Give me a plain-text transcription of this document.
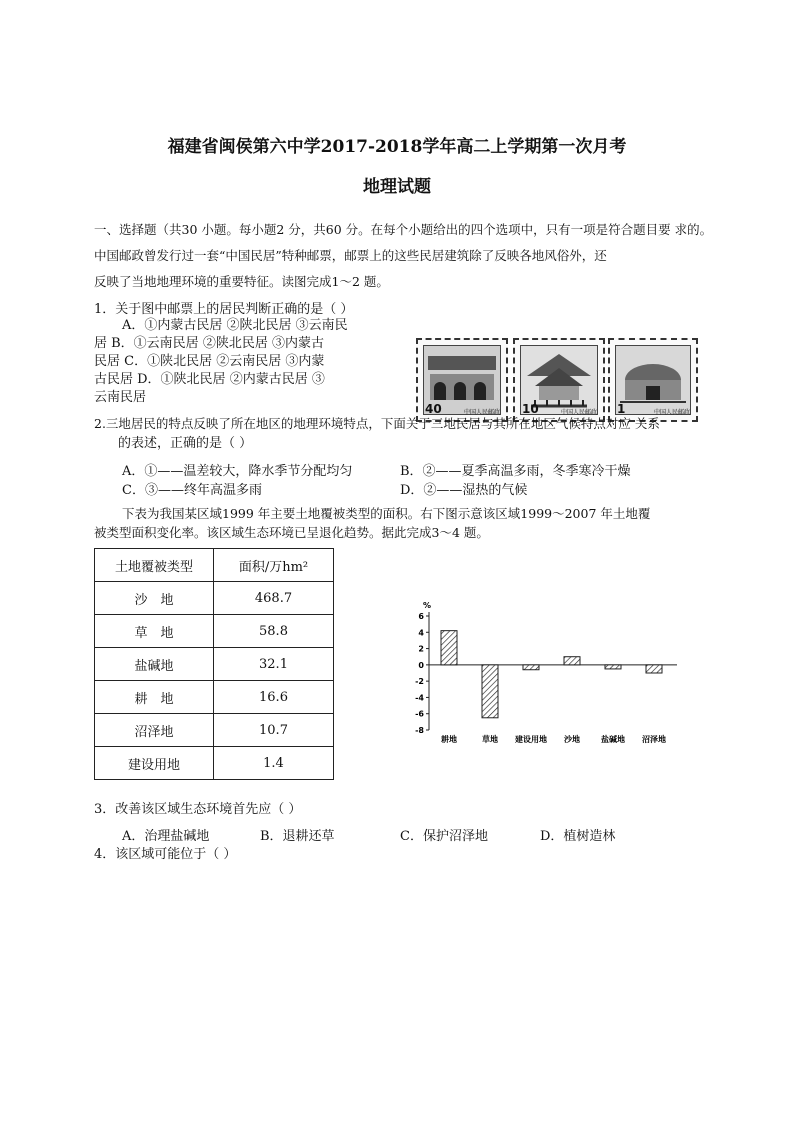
福建省闽侯第六中学2017-2018学年高二上学期第一次月考
地理试题
一、选择题（共30 小题。每小题2 分，共60 分。在每个小题给出的四个选项中，只有一项是符合题目要 求的。
中国邮政曾发行过一套“中国民居”特种邮票，邮票上的这些民居建筑除了反映各地风俗外，还
反映了当地地理环境的重要特征。读图完成1～2 题。
1．关于图中邮票上的居民判断正确的是（ ）
A．①内蒙古民居 ②陕北民居 ③云南民
居 B．①云南民居 ②陕北民居 ③内蒙古
民居 C．①陕北民居 ②云南民居 ③内蒙
古民居 D．①陕北民居 ②内蒙古民居 ③
云南民居
40	中国人民邮政 10	中国人民邮政 1	中国人民邮政
2.三地居民的特点反映了所在地区的地理环境特点，下面关于三地民居与其所在地区气候特点对应 关系
的表述，正确的是（ ）
A．①——温差较大，降水季节分配均匀	B．②——夏季高温多雨，冬季寒冷干燥
C．③——终年高温多雨	D．②——湿热的气候
下表为我国某区域1999 年主要土地覆被类型的面积。右下图示意该区域1999～2007 年土地覆
被类型面积变化率。该区域生态环境已呈退化趋势。据此完成3～4 题。
土地覆被类型	面积/万hm²
沙　地	468.7
草　地	58.8
盐碱地	32.1
耕　地	16.6
沼泽地	10.7
建设用地	1.4
%
6
4
2
0
-2
-4
-6
-8
耕地	草地 建设用地 沙地	盐碱地 沼泽地
3．改善该区域生态环境首先应（ ）
A．治理盐碱地	B．退耕还草	C．保护沼泽地	D．植树造林
4．该区域可能位于（ ）
